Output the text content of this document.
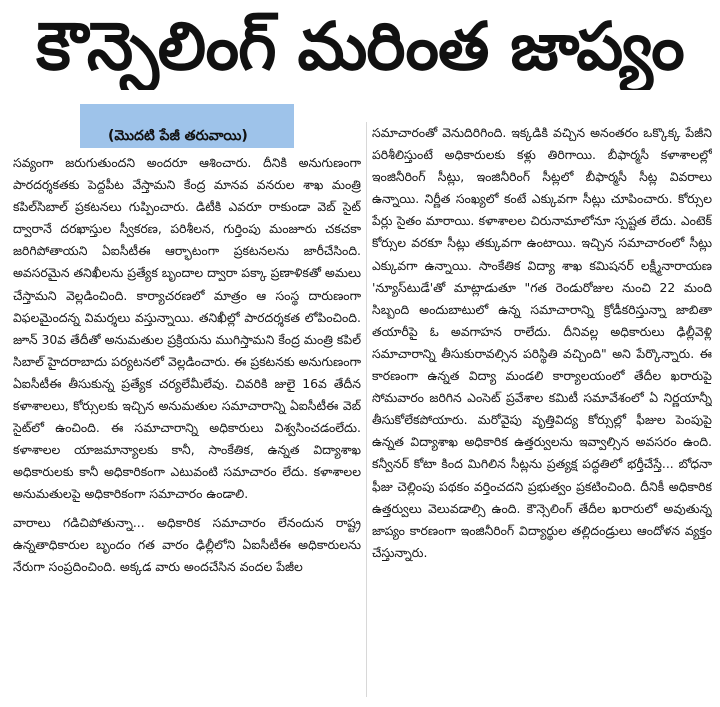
కౌన్సెలింగ్ మరింత జాప్యం
(మొదటి పేజీ తరువాయి)

సవ్యంగా జరుగుతుందని అందరూ ఆశించారు. దీనికి అనుగుణంగా పారదర్శకతకు పెద్దపీట వేస్తామని కేంద్ర మానవ వనరుల శాఖ మంత్రి కపిల్‌సిబాల్ ప్రకటనలు గుప్పించారు. డిటీకి ఎవరూ రాకుండా వెబ్ సైట్ ద్వారానే దరఖాస్తుల స్వీకరణ, పరిశీలన, గుర్తింపు మంజూరు చకచకా జరిగిపోతాయని ఏఐసీటీఈ ఆర్భాటంగా ప్రకటనలను జారీచేసింది. అవసరమైన తనిఖీలను ప్రత్యేక బృందాల ద్వారా పక్కా ప్రణాళికతో అమలు చేస్తామని వెల్లడించింది. కార్యాచరణలో మాత్రం ఆ సంస్థ దారుణంగా విఫలమైందన్న విమర్శలు వస్తున్నాయి. తనిఖీల్లో పారదర్శకత లోపించింది. జూన్ 30వ తేదీతో అనుమతుల ప్రక్రియను ముగిస్తామని కేంద్ర మంత్రి కపిల్ సిబాల్ హైదరాబాదు పర్యటనలో వెల్లడించారు. ఈ ప్రకటనకు అనుగుణంగా ఏఐసీటీఈ తీసుకున్న ప్రత్యేక చర్యలేమీలేవు. చివరికి జులై 16వ తేదీన కళాశాలలు, కోర్సులకు ఇచ్చిన అనుమతుల సమాచారాన్ని ఏఐసీటీఈ వెబ్ సైట్‌లో ఉంచింది. ఈ సమాచారాన్ని అధికారులు విశ్వసించడంలేదు. కళాశాలల యాజమాన్యాలకు కానీ, సాంకేతిక, ఉన్నత విద్యాశాఖ అధికారులకు కానీ అధికారికంగా ఎటువంటి సమాచారం లేదు. కళాశాలల అనుమతులపై అధికారికంగా సమాచారం ఉండాలి.

వారాలు గడిచిపోతున్నా... అధికారిక సమాచారం లేనందున రాష్ట్ర ఉన్నతాధికారుల బృందం గత వారం ఢిల్లీలోని ఏఐసీటీఈ అధికారులను నేరుగా సంప్రదించింది. అక్కడ వారు అందచేసిన వందల పేజీల

సమాచారంతో వెనుదిరిగింది. ఇక్కడికి వచ్చిన అనంతరం ఒక్కొక్క పేజీని పరిశీలిస్తుంటే అధికారులకు కళ్లు తిరిగాయి. బీఫార్మసీ కళాశాలల్లో ఇంజినీరింగ్ సీట్లు, ఇంజినీరింగ్ సీట్లలో బీఫార్మసీ సీట్ల వివరాలు ఉన్నాయి. నిర్ణీత సంఖ్యలో కంటే ఎక్కువగా సీట్లు చూపించారు. కోర్సుల పేర్లు సైతం మారాయి. కళాశాలల చిరునామాలోనూ స్పష్టత లేదు. ఎంటెక్ కోర్సుల వరకూ సీట్లు తక్కువగా ఉంటాయి. ఇచ్చిన సమాచారంలో సీట్లు ఎక్కువగా ఉన్నాయి. సాంకేతిక విద్యా శాఖ కమిషనర్ లక్ష్మీనారాయణ 'న్యూస్‌టుడే'తో మాట్లాడుతూ "గత రెండురోజుల నుంచి 22 మంది సిబ్బంది అందుబాటులో ఉన్న సమాచారాన్ని క్రోడీకరిస్తున్నా జాబితా తయారీపై ఓ అవగాహన రాలేదు. దీనివల్ల అధికారులు ఢిల్లీవెళ్లి సమాచారాన్ని తీసుకురావల్సిన పరిస్థితి వచ్చింది" అని పేర్కొన్నారు. ఈ కారణంగా ఉన్నత విద్యా మండలి కార్యాలయంలో తేదీల ఖరారుపై సోమవారం జరిగిన ఎంసెట్ ప్రవేశాల కమిటీ సమావేశంలో ఏ నిర్ణయాన్నీ తీసుకోలేకపోయారు. మరోవైపు వృత్తివిద్య కోర్సుల్లో ఫీజుల పెంపుపై ఉన్నత విద్యాశాఖ అధికారిక ఉత్తర్వులను ఇవ్వాల్సిన అవసరం ఉంది. కన్వీనర్ కోటా కింద మిగిలిన సీట్లను ప్రత్యక్ష పద్ధతిలో భర్తీచేస్తే... బోధనా ఫీజు చెల్లింపు పథకం వర్తించదని ప్రభుత్వం ప్రకటించింది. దీనికీ అధికారిక ఉత్తర్వులు వెలువడాల్సి ఉంది. కౌన్సెలింగ్ తేదీల ఖరారులో అవుతున్న జాప్యం కారణంగా ఇంజినీరింగ్ విద్యార్థుల తల్లిదండ్రులు ఆందోళన వ్యక్తం చేస్తున్నారు.
